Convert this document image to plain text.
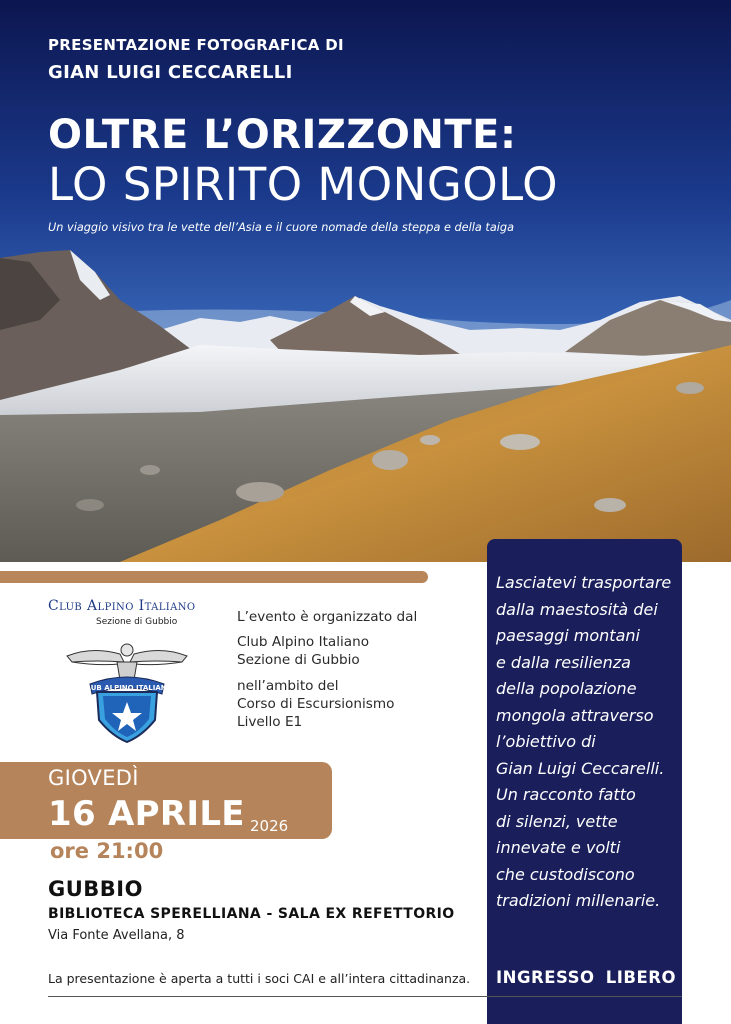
PRESENTAZIONE FOTOGRAFICA DI
GIAN LUIGI CECCARELLI
OLTRE L’ORIZZONTE:
LO SPIRITO MONGOLO
Un viaggio visivo tra le vette dell’Asia e il cuore nomade della steppa e della taiga
Club Alpino Italiano
Sezione di Gubbio
CLUB ALPINO ITALIANO
L’evento è organizzato dal
Club Alpino Italiano
Sezione di Gubbio
nell’ambito del
Corso di Escursionismo
Livello E1
Lasciatevi trasportare
dalla maestosità dei
paesaggi montani
e dalla resilienza
della popolazione
mongola attraverso
l’obiettivo di
Gian Luigi Ceccarelli.
Un racconto fatto
di silenzi, vette
innevate e volti
che custodiscono
tradizioni millenarie.
INGRESSO LIBERO
GIOVEDÌ
16 APRILE 2026
ore 21:00
GUBBIO
BIBLIOTECA SPERELLIANA - SALA EX REFETTORIO
Via Fonte Avellana, 8
La presentazione è aperta a tutti i soci CAI e all’intera cittadinanza.
